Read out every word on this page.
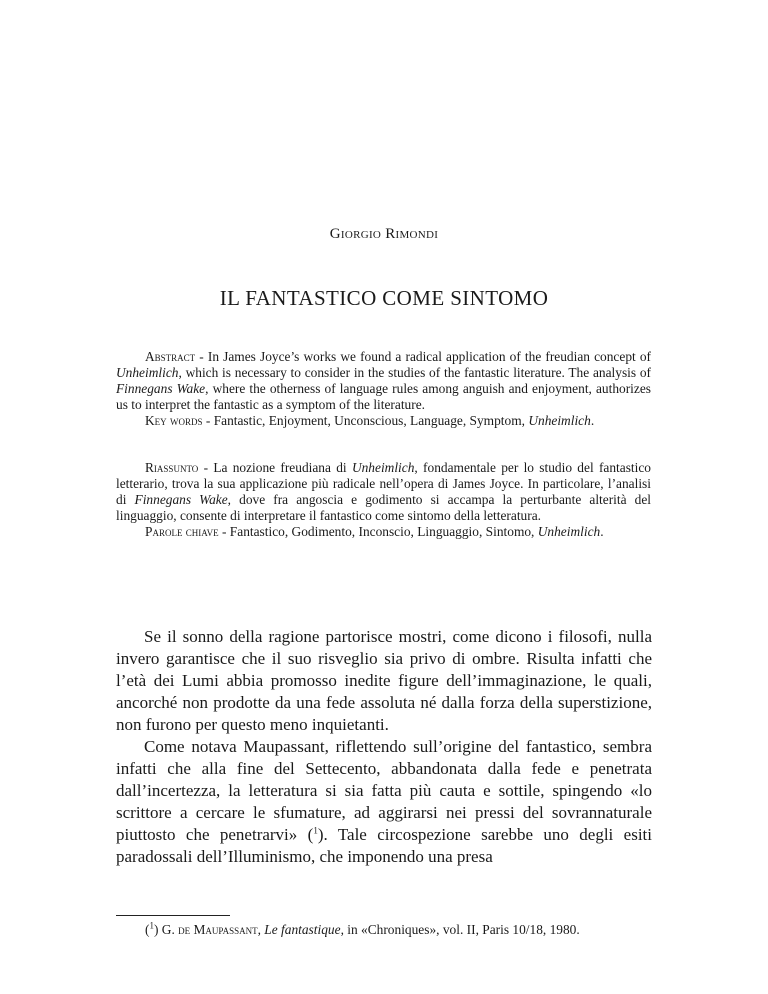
Giorgio Rimondi
IL FANTASTICO COME SINTOMO

Abstract - In James Joyce’s works we found a radical application of the freudian concept of Unheimlich, which is necessary to consider in the studies of the fantastic literature. The analysis of Finnegans Wake, where the otherness of language rules among anguish and enjoyment, authorizes us to interpret the fantastic as a symptom of the literature.

Key words - Fantastic, Enjoyment, Unconscious, Language, Symptom, Unheimlich.

Riassunto - La nozione freudiana di Unheimlich, fondamentale per lo studio del fantastico letterario, trova la sua applicazione più radicale nell’opera di James Joyce. In particolare, l’analisi di Finnegans Wake, dove fra angoscia e godimento si accampa la perturbante alterità del linguaggio, consente di interpretare il fantastico come sintomo della letteratura.

Parole chiave - Fantastico, Godimento, Inconscio, Linguaggio, Sintomo, Unheimlich.

Se il sonno della ragione partorisce mostri, come dicono i filosofi, nulla invero garantisce che il suo risveglio sia privo di ombre. Risulta infatti che l’età dei Lumi abbia promosso inedite figure dell’immaginazione, le quali, ancorché non prodotte da una fede assoluta né dalla forza della superstizione, non furono per questo meno inquietanti.

Come notava Maupassant, riflettendo sull’origine del fantastico, sembra infatti che alla fine del Settecento, abbandonata dalla fede e penetrata dall’incertezza, la letteratura si sia fatta più cauta e sottile, spingendo «lo scrittore a cercare le sfumature, ad aggirarsi nei pressi del sovrannaturale piuttosto che penetrarvi» ($^1$). Tale circospezione sarebbe uno degli esiti paradossali dell’Illuminismo, che imponendo una presa

($^1$) G. de Maupassant, Le fantastique, in «Chroniques», vol. II, Paris 10/18, 1980.
